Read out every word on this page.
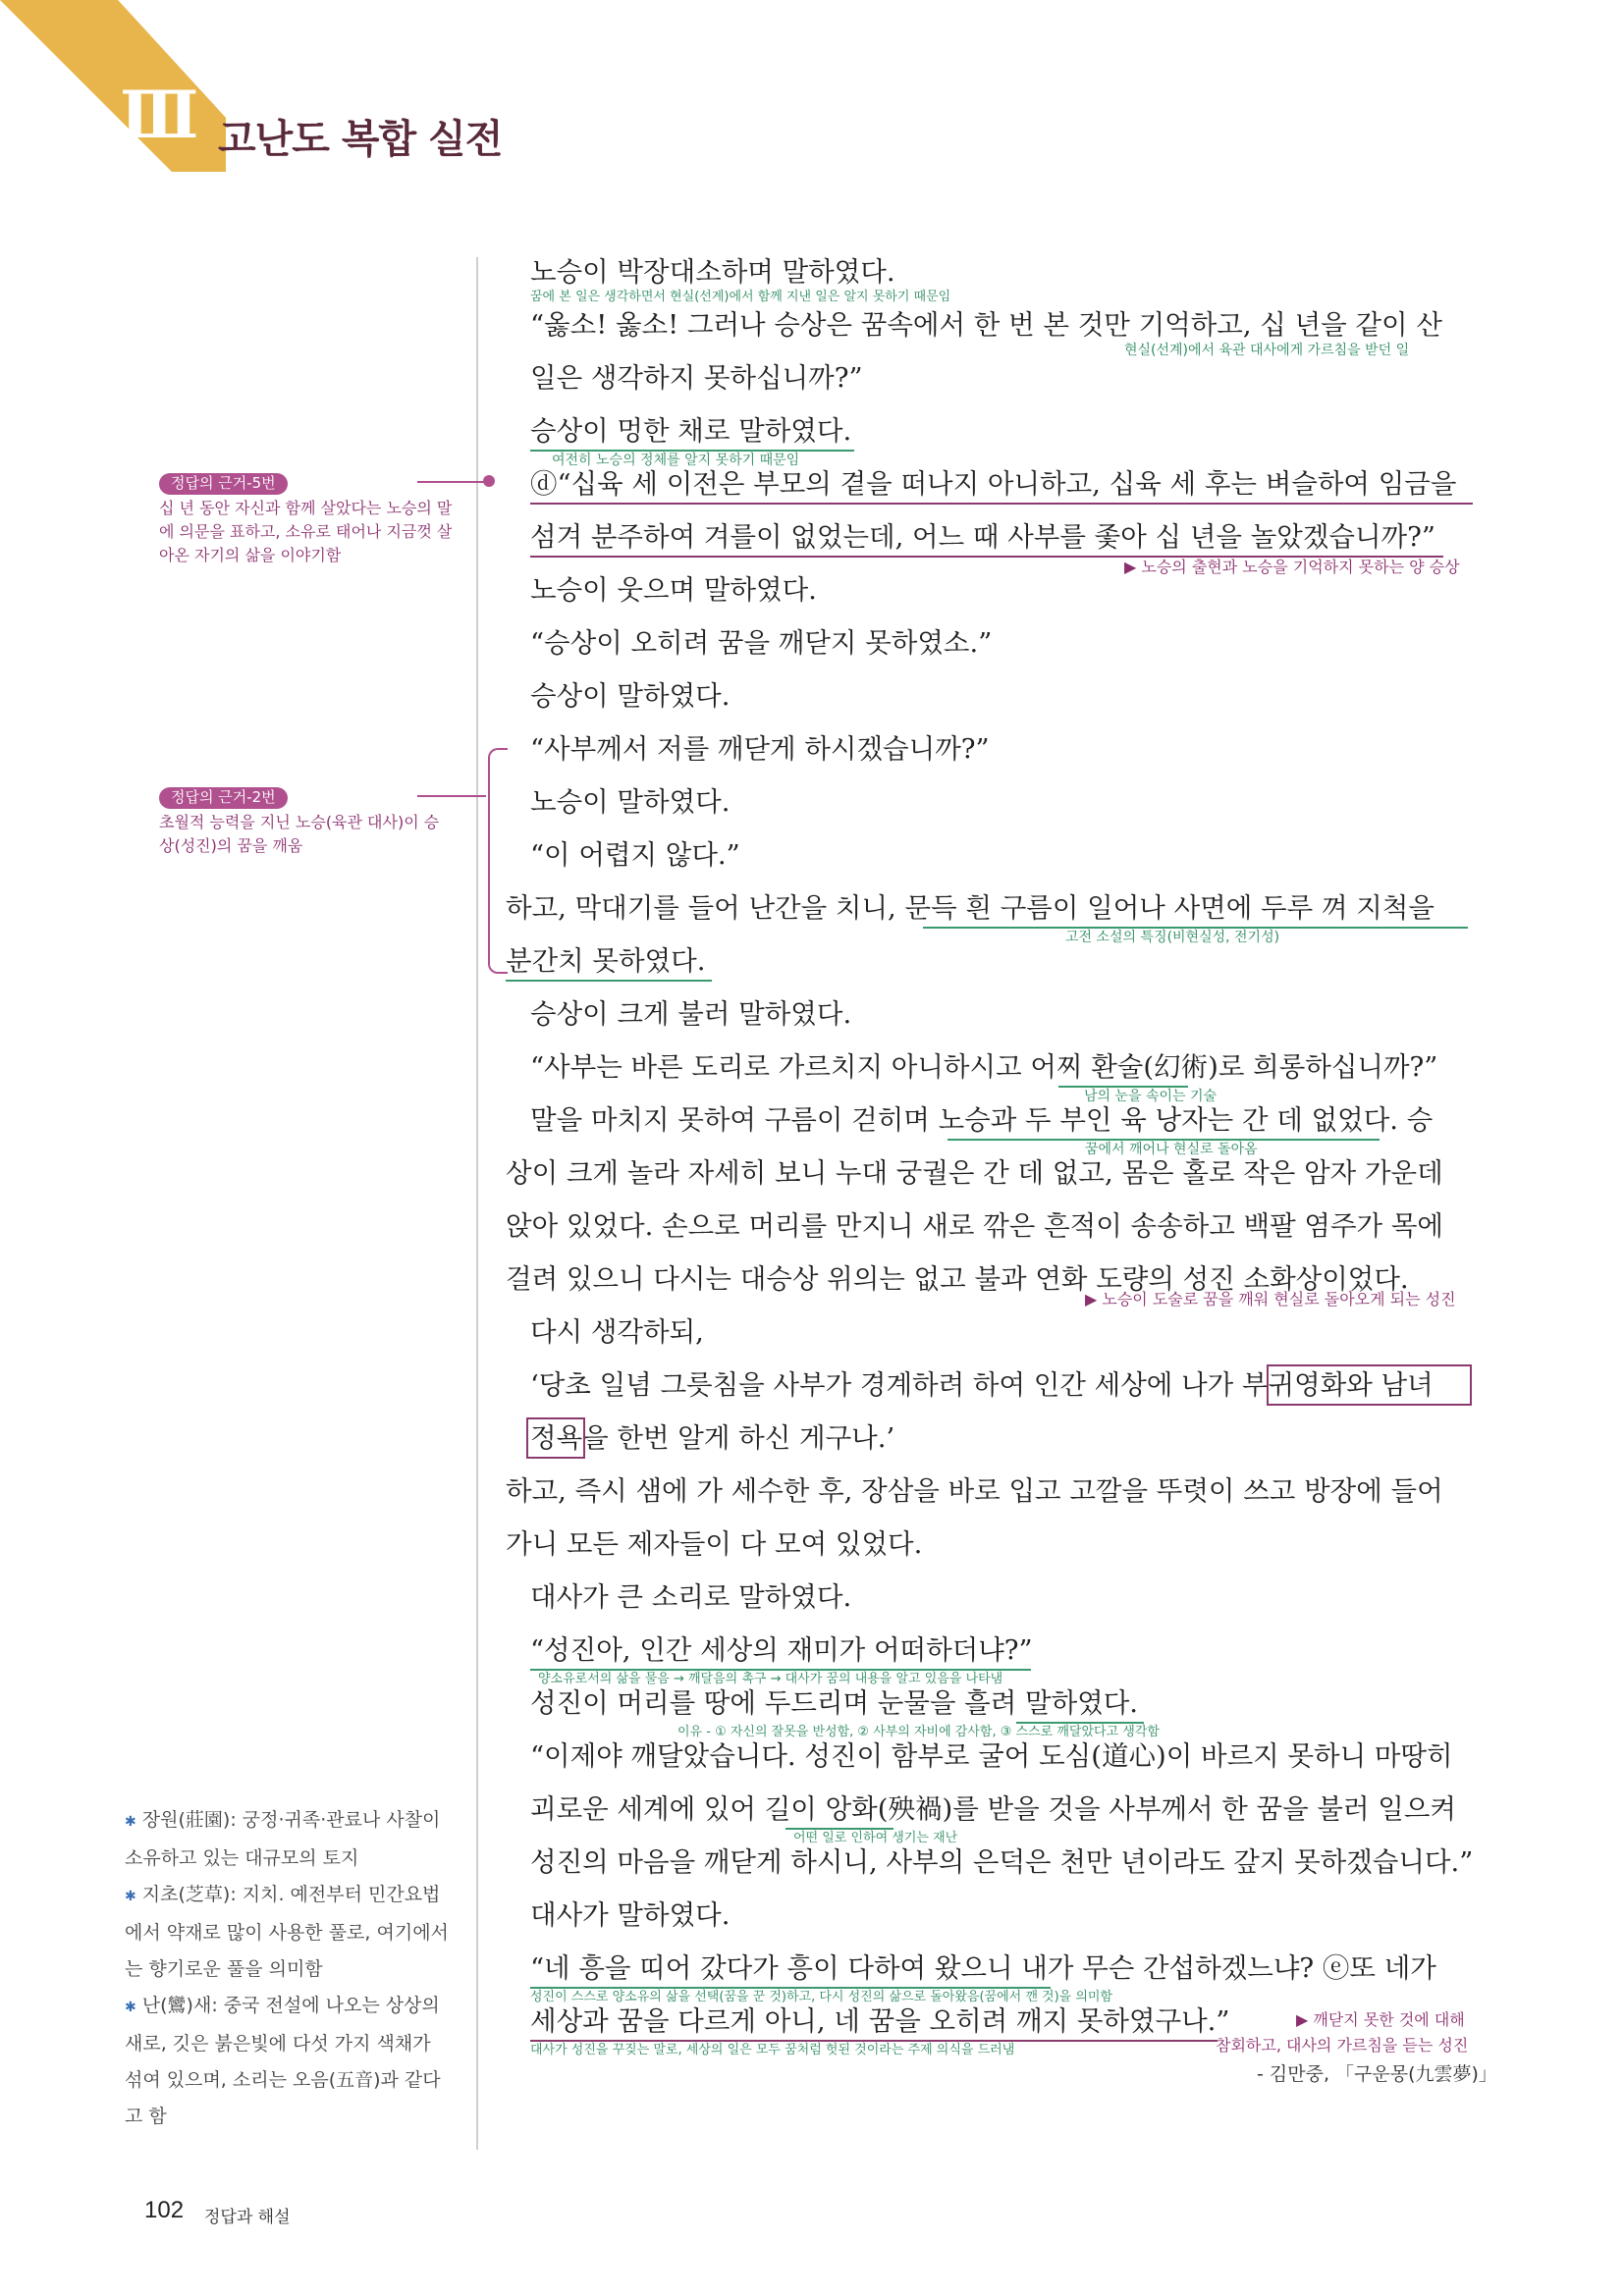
Ⅲ 고난도 복합 실전
정답의 근거-5번
십 년 동안 자신과 함께 살았다는 노승의 말에 의문을 표하고, 소유로 태어나 지금껏 살아온 자기의 삶을 이야기함
정답의 근거-2번
초월적 능력을 지닌 노승(육관 대사)이 승상(성진)의 꿈을 깨움
✱ 장원(莊園): 궁정·귀족·관료나 사찰이 소유하고 있는 대규모의 토지
✱ 지초(芝草): 지치. 예전부터 민간요법에서 약재로 많이 사용한 풀로, 여기에서는 향기로운 풀을 의미함
✱ 난(鸞)새: 중국 전설에 나오는 상상의 새로, 깃은 붉은빛에 다섯 가지 색채가 섞여 있으며, 소리는 오음(五音)과 같다고 함
노승이 박장대소하며 말하였다.
꿈에 본 일은 생각하면서 현실(선계)에서 함께 지낸 일은 알지 못하기 때문임
“옳소! 옳소! 그러나 승상은 꿈속에서 한 번 본 것만 기억하고, 십 년을 같이 산
현실(선계)에서 육관 대사에게 가르침을 받던 일
일은 생각하지 못하십니까?”
승상이 멍한 채로 말하였다.
여전히 노승의 정체를 알지 못하기 때문임
ⓓ“십육 세 이전은 부모의 곁을 떠나지 아니하고, 십육 세 후는 벼슬하여 임금을
섬겨 분주하여 겨를이 없었는데, 어느 때 사부를 좇아 십 년을 놀았겠습니까?”
▶ 노승의 출현과 노승을 기억하지 못하는 양 승상
노승이 웃으며 말하였다.
“승상이 오히려 꿈을 깨닫지 못하였소.”
승상이 말하였다.
“사부께서 저를 깨닫게 하시겠습니까?”
노승이 말하였다.
“이 어렵지 않다.”
하고, 막대기를 들어 난간을 치니, 문득 흰 구름이 일어나 사면에 두루 껴 지척을
고전 소설의 특징(비현실성, 전기성)
분간치 못하였다.
승상이 크게 불러 말하였다.
“사부는 바른 도리로 가르치지 아니하시고 어찌 환술(幻術)로 희롱하십니까?”
남의 눈을 속이는 기술
말을 마치지 못하여 구름이 걷히며 노승과 두 부인 육 낭자는 간 데 없었다. 승
꿈에서 깨어나 현실로 돌아옴
상이 크게 놀라 자세히 보니 누대 궁궐은 간 데 없고, 몸은 홀로 작은 암자 가운데
앉아 있었다. 손으로 머리를 만지니 새로 깎은 흔적이 송송하고 백팔 염주가 목에
걸려 있으니 다시는 대승상 위의는 없고 불과 연화 도량의 성진 소화상이었다.
▶ 노승이 도술로 꿈을 깨워 현실로 돌아오게 되는 성진
다시 생각하되,
‘당초 일념 그릇침을 사부가 경계하려 하여 인간 세상에 나가 부귀영화와 남녀
정욕을 한번 알게 하신 게구나.’
하고, 즉시 샘에 가 세수한 후, 장삼을 바로 입고 고깔을 뚜렷이 쓰고 방장에 들어
가니 모든 제자들이 다 모여 있었다.
대사가 큰 소리로 말하였다.
“성진아, 인간 세상의 재미가 어떠하더냐?”
양소유로서의 삶을 물음 → 깨달음의 촉구 → 대사가 꿈의 내용을 알고 있음을 나타냄
성진이 머리를 땅에 두드리며 눈물을 흘려 말하였다.
이유 - ① 자신의 잘못을 반성함, ② 사부의 자비에 감사함, ③ 스스로 깨달았다고 생각함
“이제야 깨달았습니다. 성진이 함부로 굴어 도심(道心)이 바르지 못하니 마땅히
괴로운 세계에 있어 길이 앙화(殃禍)를 받을 것을 사부께서 한 꿈을 불러 일으켜
어떤 일로 인하여 생기는 재난
성진의 마음을 깨닫게 하시니, 사부의 은덕은 천만 년이라도 갚지 못하겠습니다.”
대사가 말하였다.
“네 흥을 띠어 갔다가 흥이 다하여 왔으니 내가 무슨 간섭하겠느냐? ⓔ또 네가
성진이 스스로 양소유의 삶을 선택(꿈을 꾼 것)하고, 다시 성진의 삶으로 돌아왔음(꿈에서 깬 것)을 의미함
세상과 꿈을 다르게 아니, 네 꿈을 오히려 깨지 못하였구나.”
대사가 성진을 꾸짖는 말로, 세상의 일은 모두 꿈처럼 헛된 것이라는 주제 의식을 드러냄
▶ 깨닫지 못한 것에 대해
참회하고, 대사의 가르침을 듣는 성진
- 김만중, 「구운몽(九雲夢)」
102 정답과 해설
